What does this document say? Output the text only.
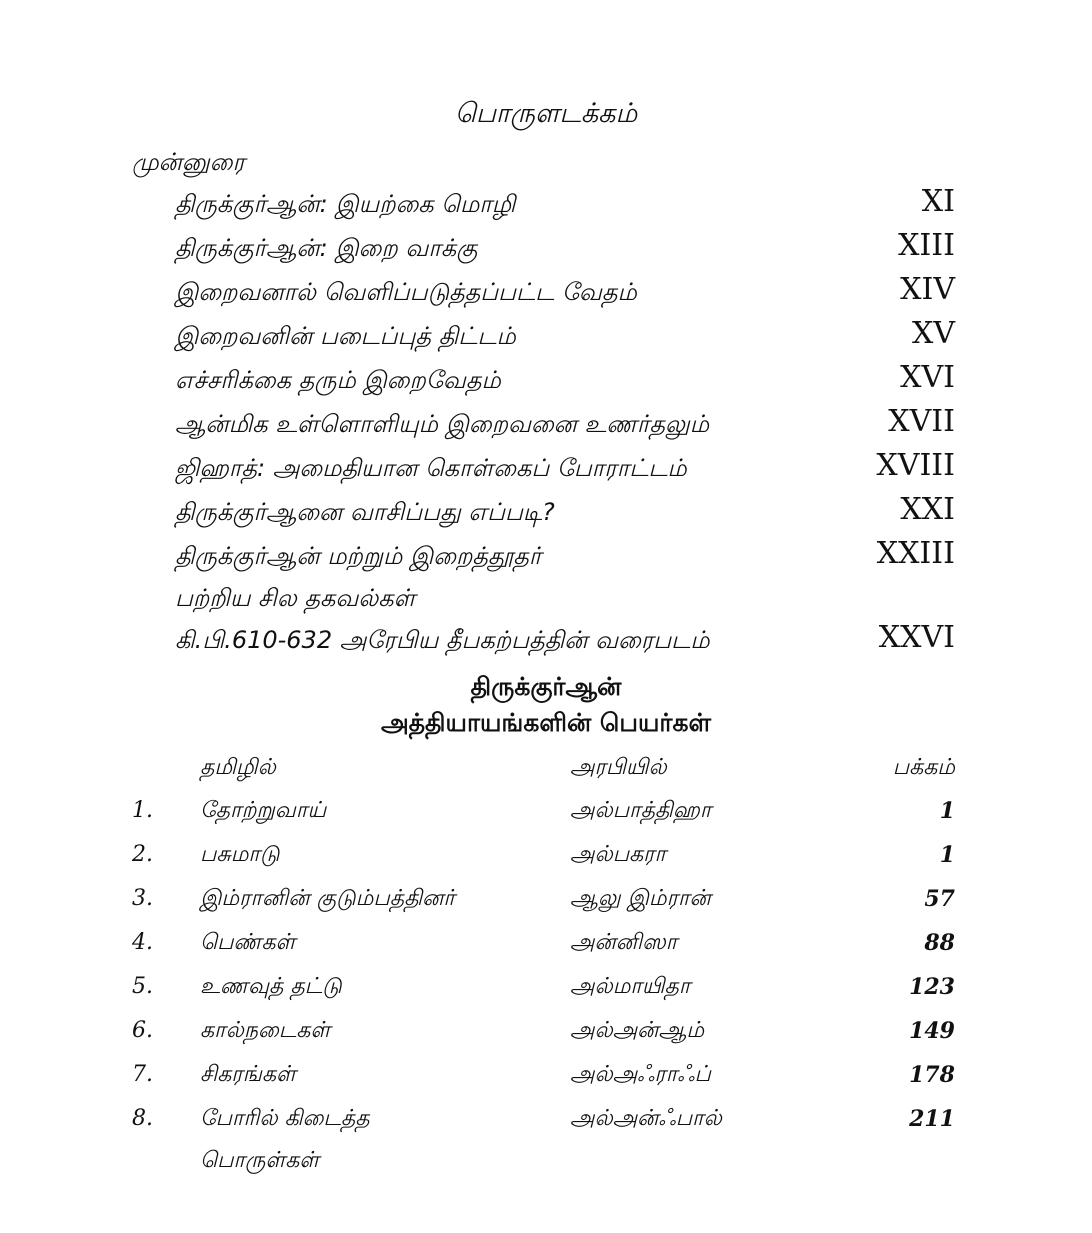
பொருளடக்கம்
முன்னுரை
திருக்குர்ஆன்: இயற்கை மொழி	XI
திருக்குர்ஆன்: இறை வாக்கு	XIII
இறைவனால் வெளிப்படுத்தப்பட்ட வேதம்	XIV
இறைவனின் படைப்புத் திட்டம்	XV
எச்சரிக்கை தரும் இறைவேதம்	XVI
ஆன்மிக உள்ளொளியும் இறைவனை உணர்தலும்	XVII
ஜிஹாத்: அமைதியான கொள்கைப் போராட்டம்	XVIII
திருக்குர்ஆனை வாசிப்பது எப்படி?	XXI
திருக்குர்ஆன் மற்றும் இறைத்தூதர்	XXIII
பற்றிய சில தகவல்கள்
கி.பி.610-632 அரேபிய தீபகற்பத்தின் வரைபடம்	XXVI
திருக்குர்ஆன்
அத்தியாயங்களின் பெயர்கள்
தமிழில்	அரபியில்	பக்கம்
1. தோற்றுவாய்	அல்பாத்திஹா	1
2. பசுமாடு	அல்பகரா	1
3. இம்ரானின் குடும்பத்தினர்	ஆலு இம்ரான்	57
4. பெண்கள்	அன்னிஸா	88
5. உணவுத் தட்டு	அல்மாயிதா	123
6. கால்நடைகள்	அல்அன்ஆம்	149
7. சிகரங்கள்	அல்அஃராஃப்	178
8. போரில் கிடைத்த	அல்அன்ஃபால்	211
பொருள்கள்
